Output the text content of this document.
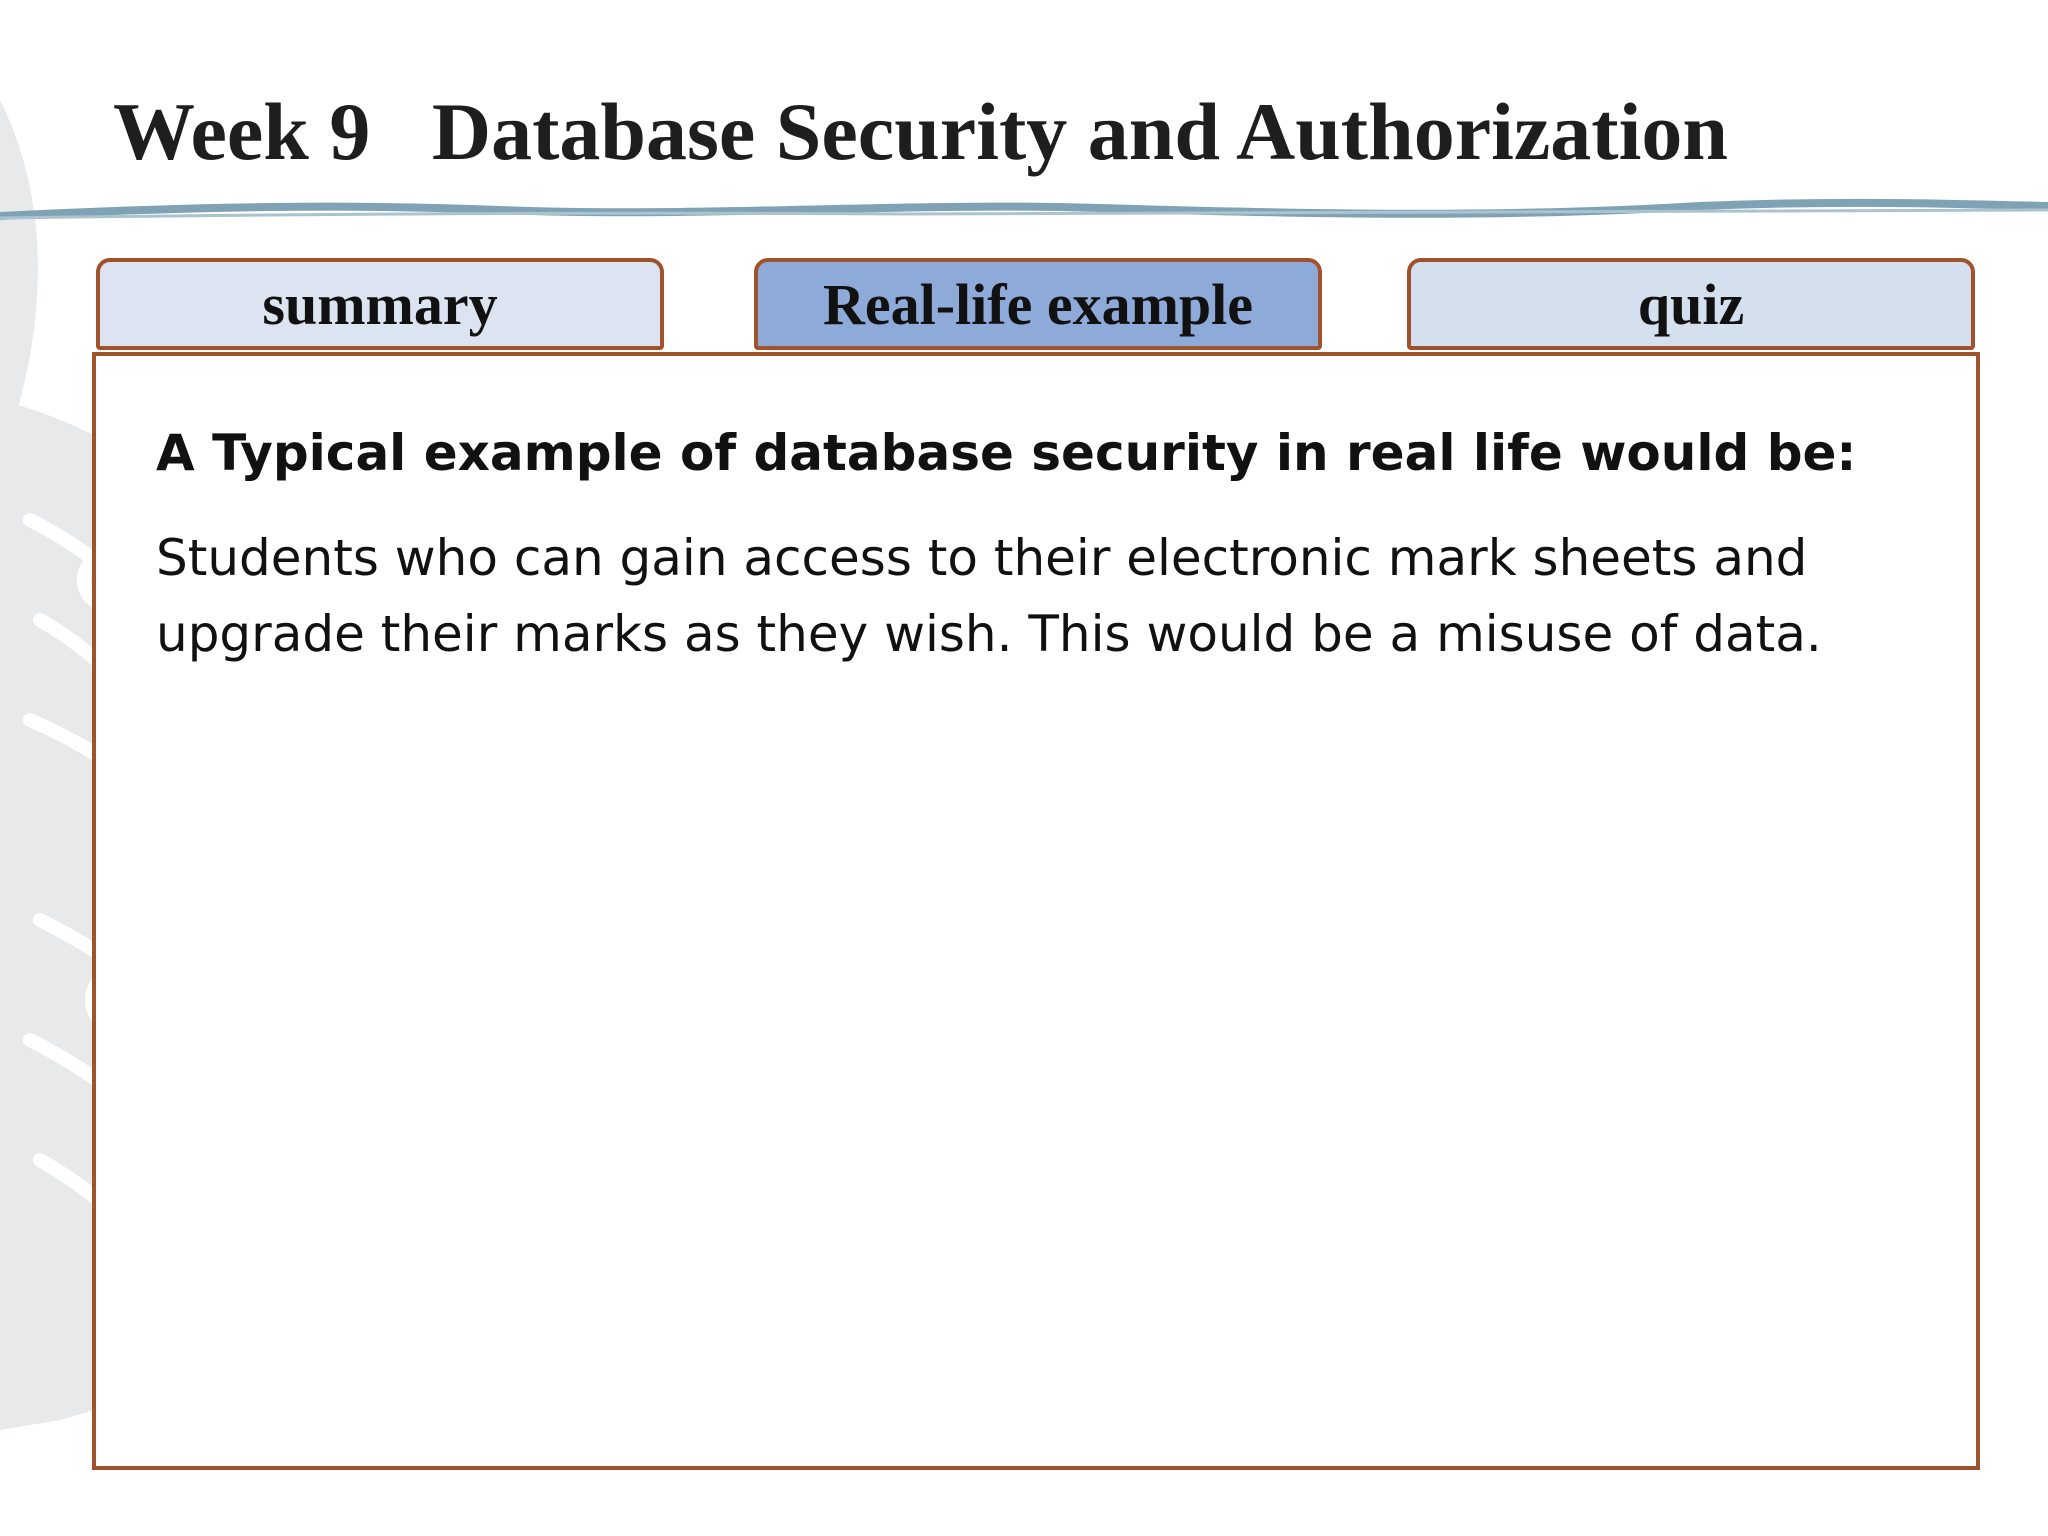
Week 9   Database Security and Authorization
summary	Real-life example	quiz

A Typical example of database security in real life would be:

Students who can gain access to their electronic mark sheets and upgrade their marks as they wish. This would be a misuse of data.
